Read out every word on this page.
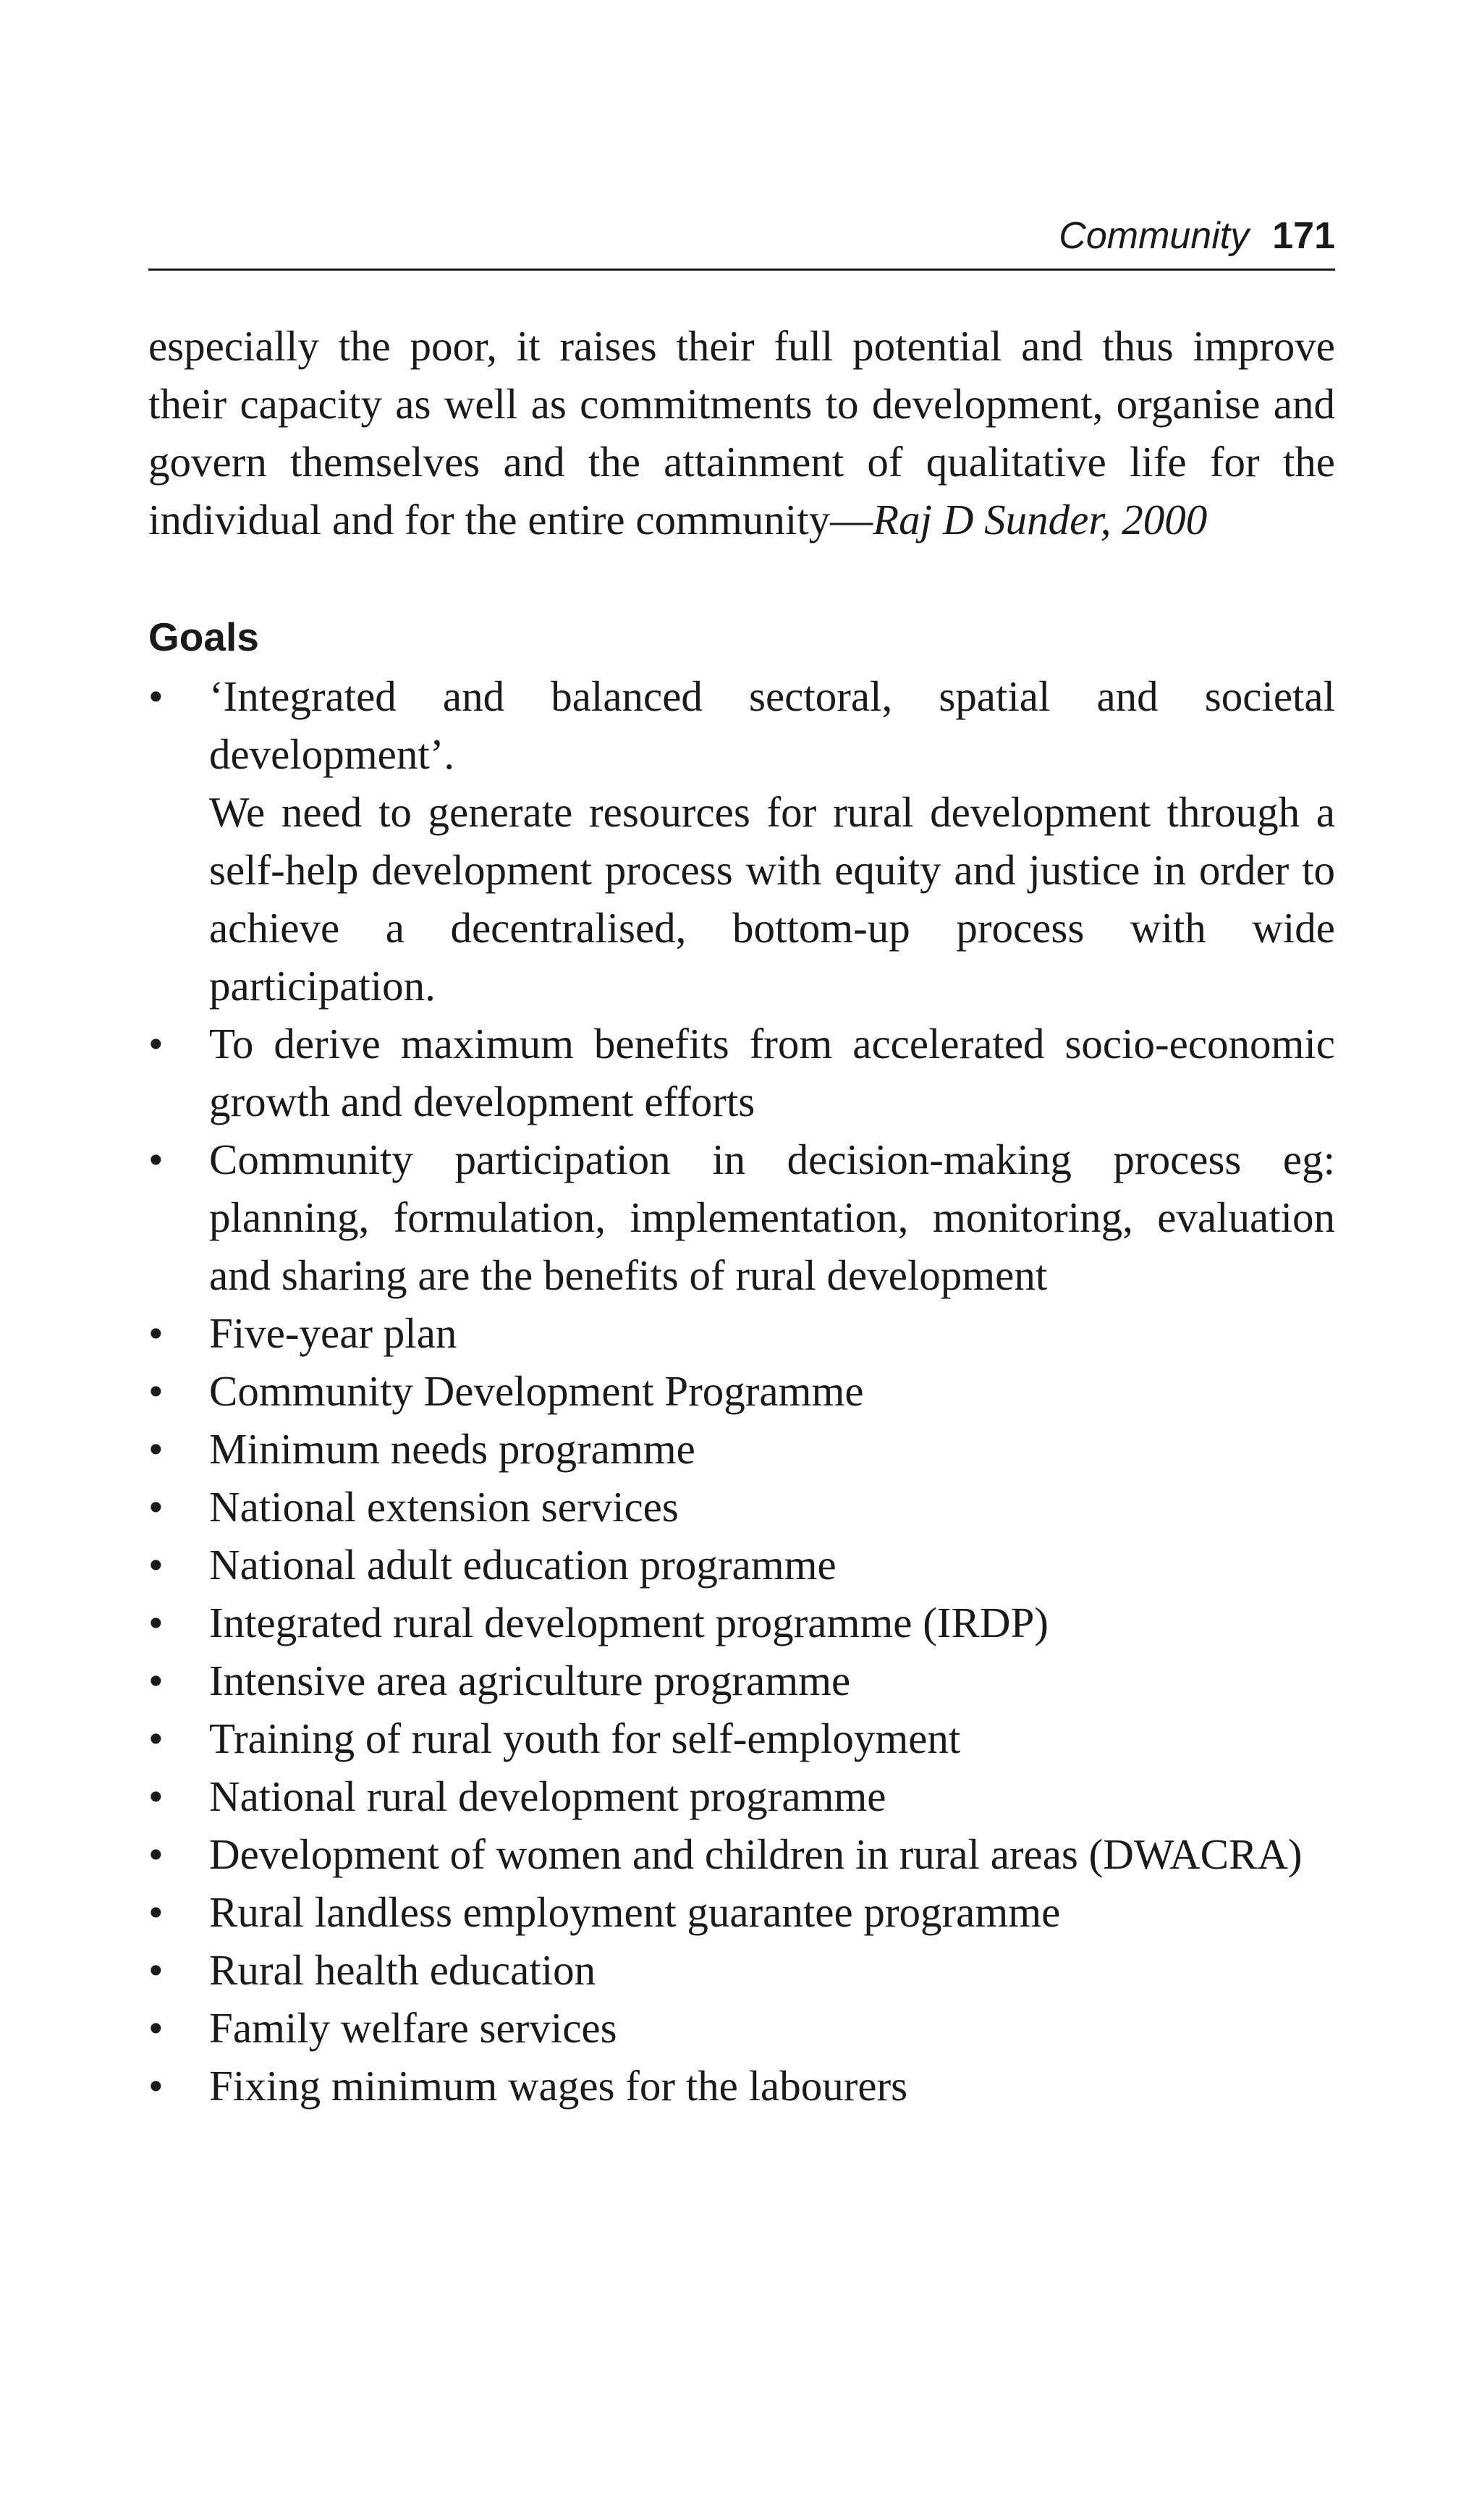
Community 171

especially the poor, it raises their full potential and thus improve their capacity as well as commitments to development, organise and govern themselves and the attainment of qualitative life for the individual and for the entire community—Raj D Sunder, 2000

Goals
• ‘Integrated and balanced sectoral, spatial and societal development’.
We need to generate resources for rural development through a self-help development process with equity and justice in order to achieve a decentralised, bottom-up process with wide participation.
• To derive maximum benefits from accelerated socio-economic growth and development efforts
• Community participation in decision-making process eg: planning, formulation, implementation, monitoring, evaluation and sharing are the benefits of rural development
• Five-year plan
• Community Development Programme
• Minimum needs programme
• National extension services
• National adult education programme
• Integrated rural development programme (IRDP)
• Intensive area agriculture programme
• Training of rural youth for self-employment
• National rural development programme
• Development of women and children in rural areas (DWACRA)
• Rural landless employment guarantee programme
• Rural health education
• Family welfare services
• Fixing minimum wages for the labourers
